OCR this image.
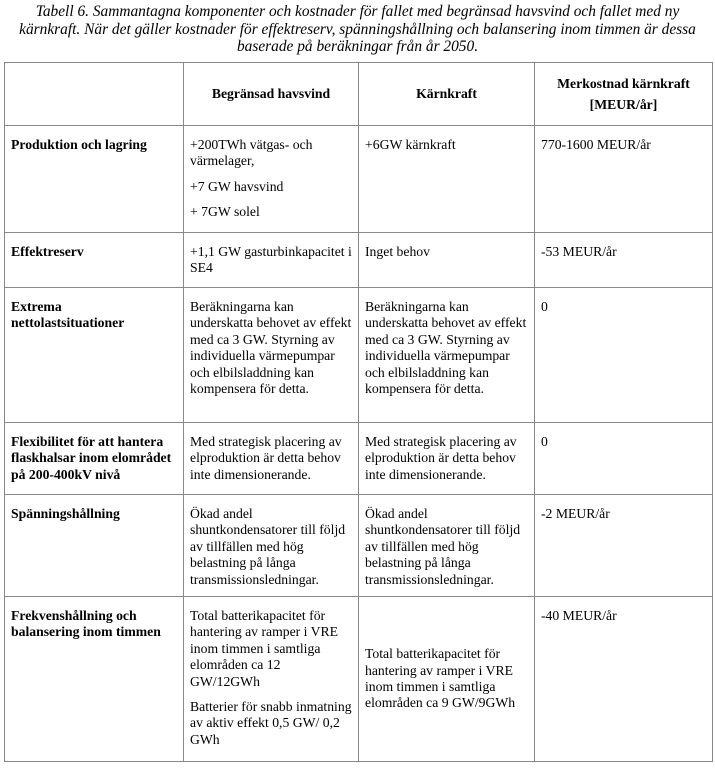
Tabell 6. Sammantagna komponenter och kostnader för fallet med begränsad havsvind och fallet med ny
kärnkraft. När det gäller kostnader för effektreserv, spänningshållning och balansering inom timmen är dessa
baserade på beräkningar från år 2050.
	Begränsad havsvind	Kärnkraft	Merkostnad kärnkraft
[MEUR/år]
Produktion och lagring	+200TWh vätgas- och värmelager,

+7 GW havsvind

+ 7GW solel	+6GW kärnkraft	770-1600 MEUR/år
Effektreserv	+1,1 GW gasturbinkapacitet i SE4	Inget behov	-53 MEUR/år
Extrema nettolastsituationer	Beräkningarna kan underskatta behovet av effekt med ca 3 GW. Styrning av individuella värmepumpar och elbilsladdning kan kompensera för detta.	Beräkningarna kan underskatta behovet av effekt med ca 3 GW. Styrning av individuella värmepumpar och elbilsladdning kan kompensera för detta.	0
Flexibilitet för att hantera flaskhalsar inom elområdet på 200-400kV nivå	Med strategisk placering av elproduktion är detta behov inte dimensionerande.	Med strategisk placering av elproduktion är detta behov inte dimensionerande.	0
Spänningshållning	Ökad andel shuntkondensatorer till följd av tillfällen med hög belastning på långa transmissionsledningar.	Ökad andel shuntkondensatorer till följd av tillfällen med hög belastning på långa transmissionsledningar.	-2 MEUR/år
Frekvenshållning och balansering inom timmen	Total batterikapacitet för hantering av ramper i VRE inom timmen i samtliga elområden ca 12 GW/12GWh

Batterier för snabb inmatning av aktiv effekt 0,5 GW/ 0,2 GWh	Total batterikapacitet för hantering av ramper i VRE inom timmen i samtliga elområden ca 9 GW/9GWh	-40 MEUR/år
